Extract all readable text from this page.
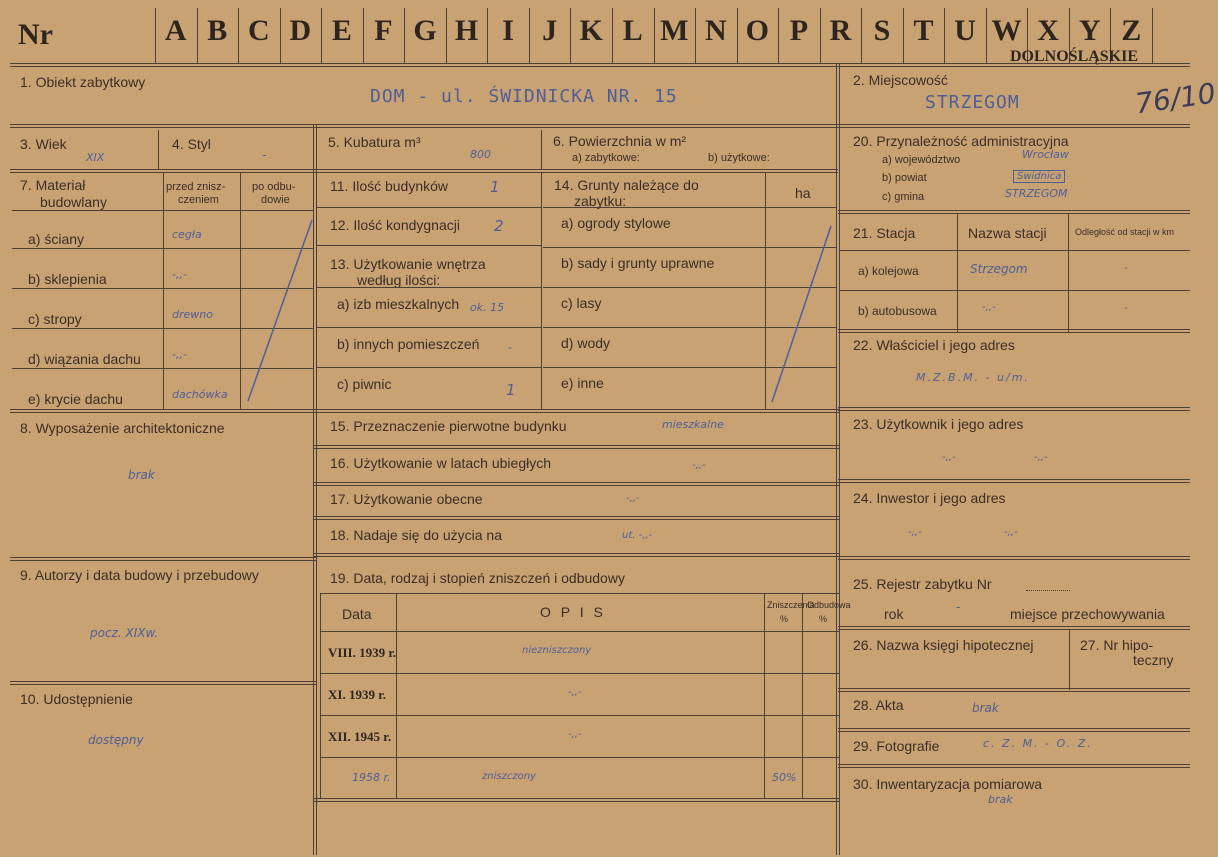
Nr	A B C D E F G H I J K L M N O P R S T U W X Y Z
DOLNOŚLĄSKIE
76/10
1. Obiekt zabytkowy
DOM - ul. ŚWIDNICKA NR. 15
2. Miejscowość
STRZEGOM
3. Wiek
XIX
4. Styl
-
5. Kubatura m³
800
6. Powierzchnia w m²
a) zabytkowe:	b) użytkowe:
7. Materiał
budowlany
przed znisz-
czeniem
po odbu-
dowie
a) ściany	cegła
b) sklepienia	-,,-
c) stropy	drewno
d) wiązania dachu	-,,-
e) krycie dachu	dachówka
8. Wyposażenie architektoniczne
brak
9. Autorzy i data budowy i przebudowy
pocz. XIXw.
10. Udostępnienie
dostępny
11. Ilość budynków	1
12. Ilość kondygnacji 2
13. Użytkowanie wnętrza
według ilości:
a) izb mieszkalnych ok. 15
b) innych pomieszczeń	-
c) piwnic	1
14. Grunty należące do
zabytku:	ha
a) ogrody stylowe
b) sady i grunty uprawne
c) lasy
d) wody
e) inne
15. Przeznaczenie pierwotne budynku	mieszkalne
16. Użytkowanie w latach ubiegłych	-,,-
17. Użytkowanie obecne	-,,-
18. Nadaje się do użycia na	ut. -,,-
19. Data, rodzaj i stopień zniszczeń i odbudowy
Data	O P I S	Zniszczenia
%
Odbudowa
%
VIII. 1939 r.	niezniszczony
XI. 1939 r.	-,,-
XII. 1945 r.	-,,-
1958 r.	zniszczony	50%
20. Przynależność administracyjna
a) województwo	Wrocław
b) powiat	Świdnica
c) gmina	STRZEGOM
21. Stacja	Nazwa stacji	Odległość od stacji w km
a) kolejowa	Strzegom	-
b) autobusowa	-,,-	-
22. Właściciel i jego adres
M.Z.B.M. - u/m.
23. Użytkownik i jego adres
-,,-	-,,-
24. Inwestor i jego adres
-,,-	-,,-
25. Rejestr zabytku Nr
rok	-	miejsce przechowywania
26. Nazwa księgi hipotecznej	27. Nr hipo-
teczny
28. Akta	brak
29. Fotografie	c. Z. M. - O. Z.
30. Inwentaryzacja pomiarowa
brak
